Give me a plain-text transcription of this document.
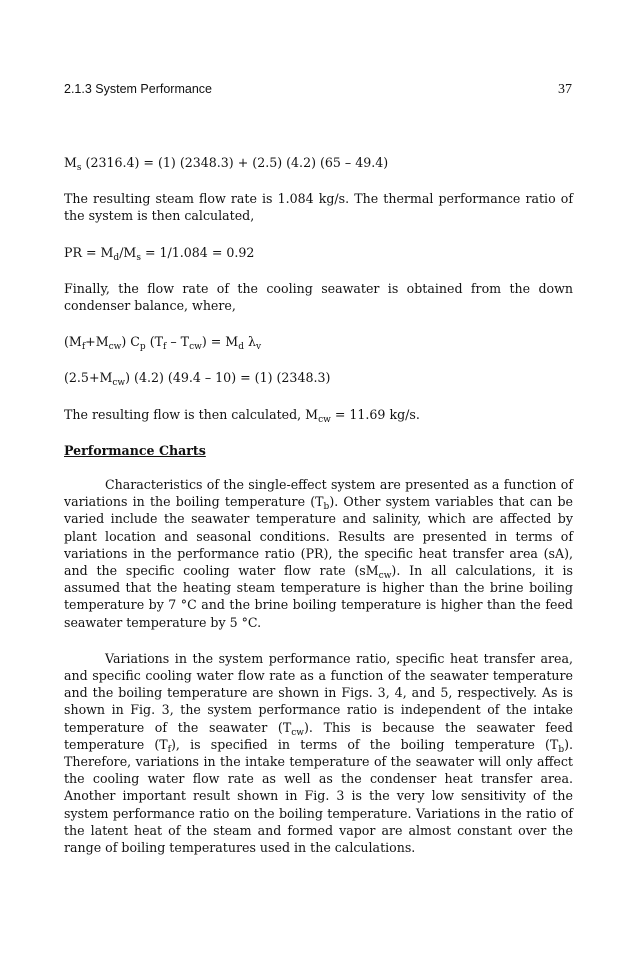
2.1.3 System Performance	37

$M_s$ (2316.4) = (1) (2348.3) + (2.5) (4.2) (65 – 49.4)

The resulting steam flow rate is 1.084 kg/s. The thermal performance ratio of the system is then calculated,

PR = $M_d/M_s = 1/1.084 = 0.92$

Finally, the flow rate of the cooling seawater is obtained from the down condenser balance, where,

$(M_f+M_{cw})$ $C_p$ $(T_f - T_{cw}) = M_d$ $\lambda_v$

$(2.5+M_{cw})$ (4.2) (49.4 – 10) = (1) (2348.3)

The resulting flow is then calculated, $M_{cw} = 11.69$ kg/s.

Performance Charts

Characteristics of the single-effect system are presented as a function of variations in the boiling temperature $(T_b)$. Other system variables that can be varied include the seawater temperature and salinity, which are affected by plant location and seasonal conditions. Results are presented in terms of variations in the performance ratio (PR), the specific heat transfer area (sA), and the specific cooling water flow rate $(sM_{cw})$. In all calculations, it is assumed that the heating steam temperature is higher than the brine boiling temperature by 7 °C and the brine boiling temperature is higher than the feed seawater temperature by 5 °C.

Variations in the system performance ratio, specific heat transfer area, and specific cooling water flow rate as a function of the seawater temperature and the boiling temperature are shown in Figs. 3, 4, and 5, respectively. As is shown in Fig. 3, the system performance ratio is independent of the intake temperature of the seawater $(T_{cw})$. This is because the seawater feed temperature $(T_f)$, is specified in terms of the boiling temperature $(T_b)$. Therefore, variations in the intake temperature of the seawater will only affect the cooling water flow rate as well as the condenser heat transfer area. Another important result shown in Fig. 3 is the very low sensitivity of the system performance ratio on the boiling temperature. Variations in the ratio of the latent heat of the steam and formed vapor are almost constant over the range of boiling temperatures used in the calculations.
